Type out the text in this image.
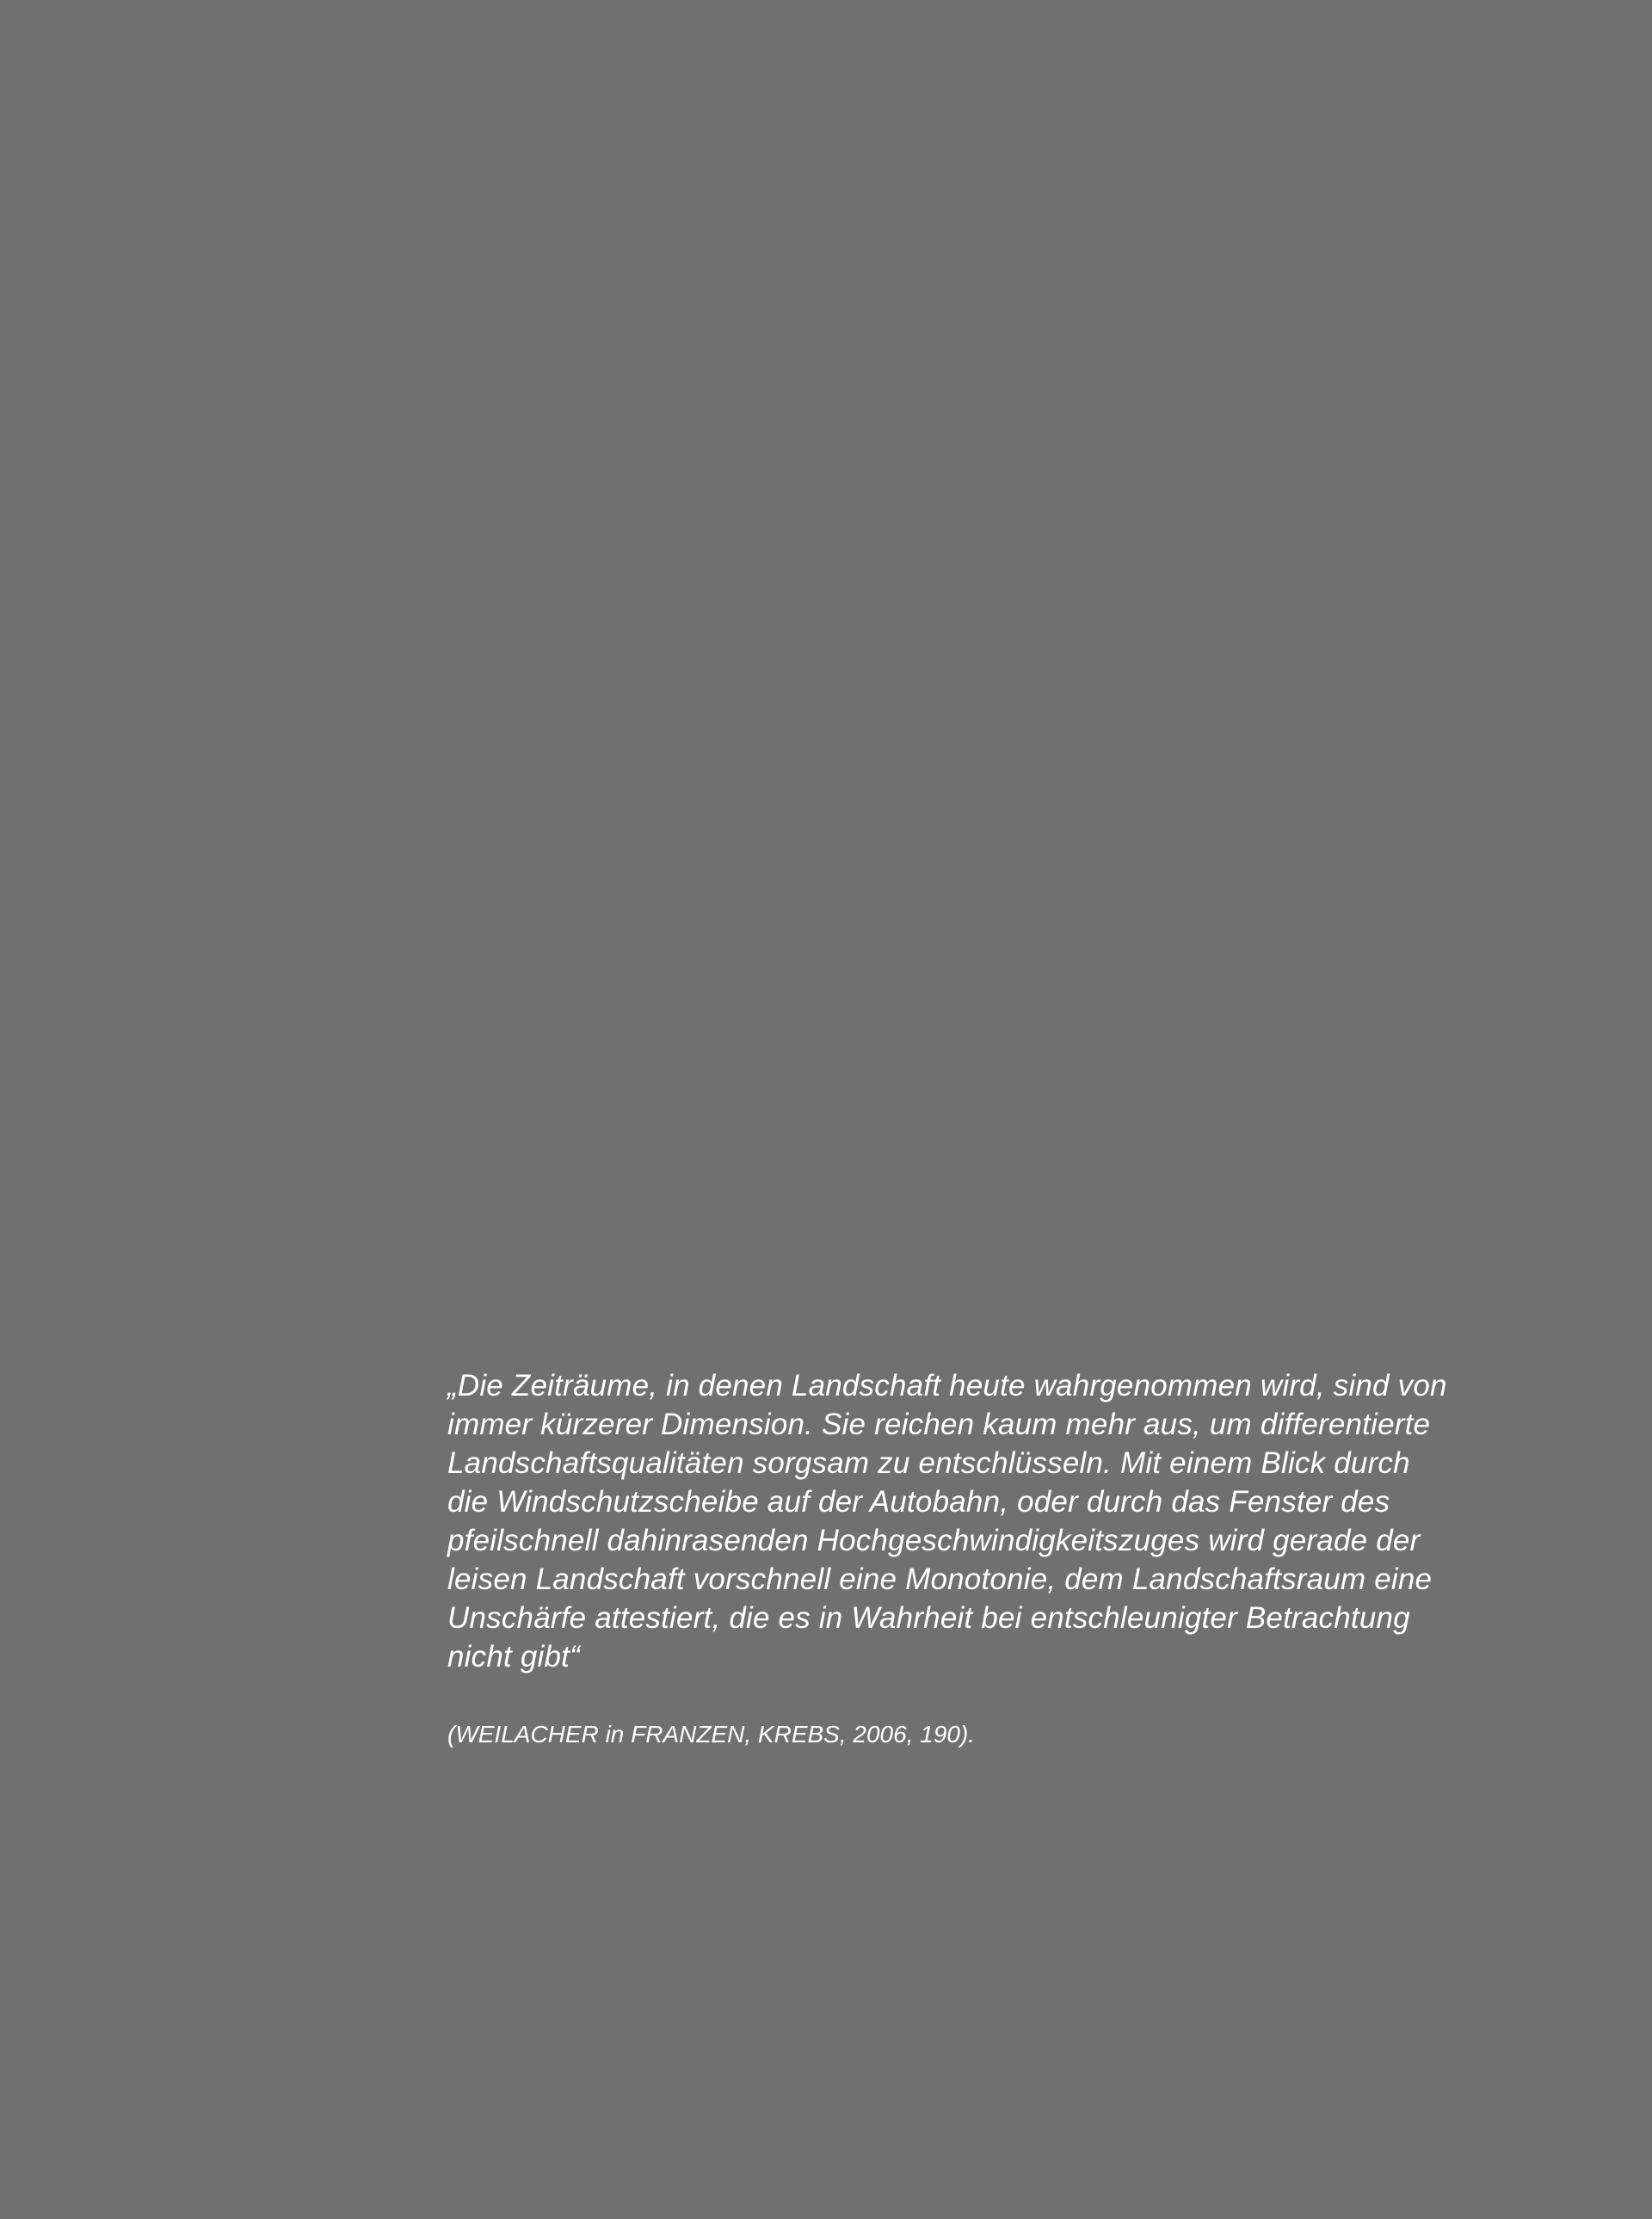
„Die Zeiträume, in denen Landschaft heute wahrgenommen wird, sind von
immer kürzerer Dimension. Sie reichen kaum mehr aus, um differentierte
Landschaftsqualitäten sorgsam zu entschlüsseln. Mit einem Blick durch
die Windschutzscheibe auf der Autobahn, oder durch das Fenster des
pfeilschnell dahinrasenden Hochgeschwindigkeitszuges wird gerade der
leisen Landschaft vorschnell eine Monotonie, dem Landschaftsraum eine
Unschärfe attestiert, die es in Wahrheit bei entschleunigter Betrachtung
nicht gibt“
(WEILACHER in FRANZEN, KREBS, 2006, 190).
